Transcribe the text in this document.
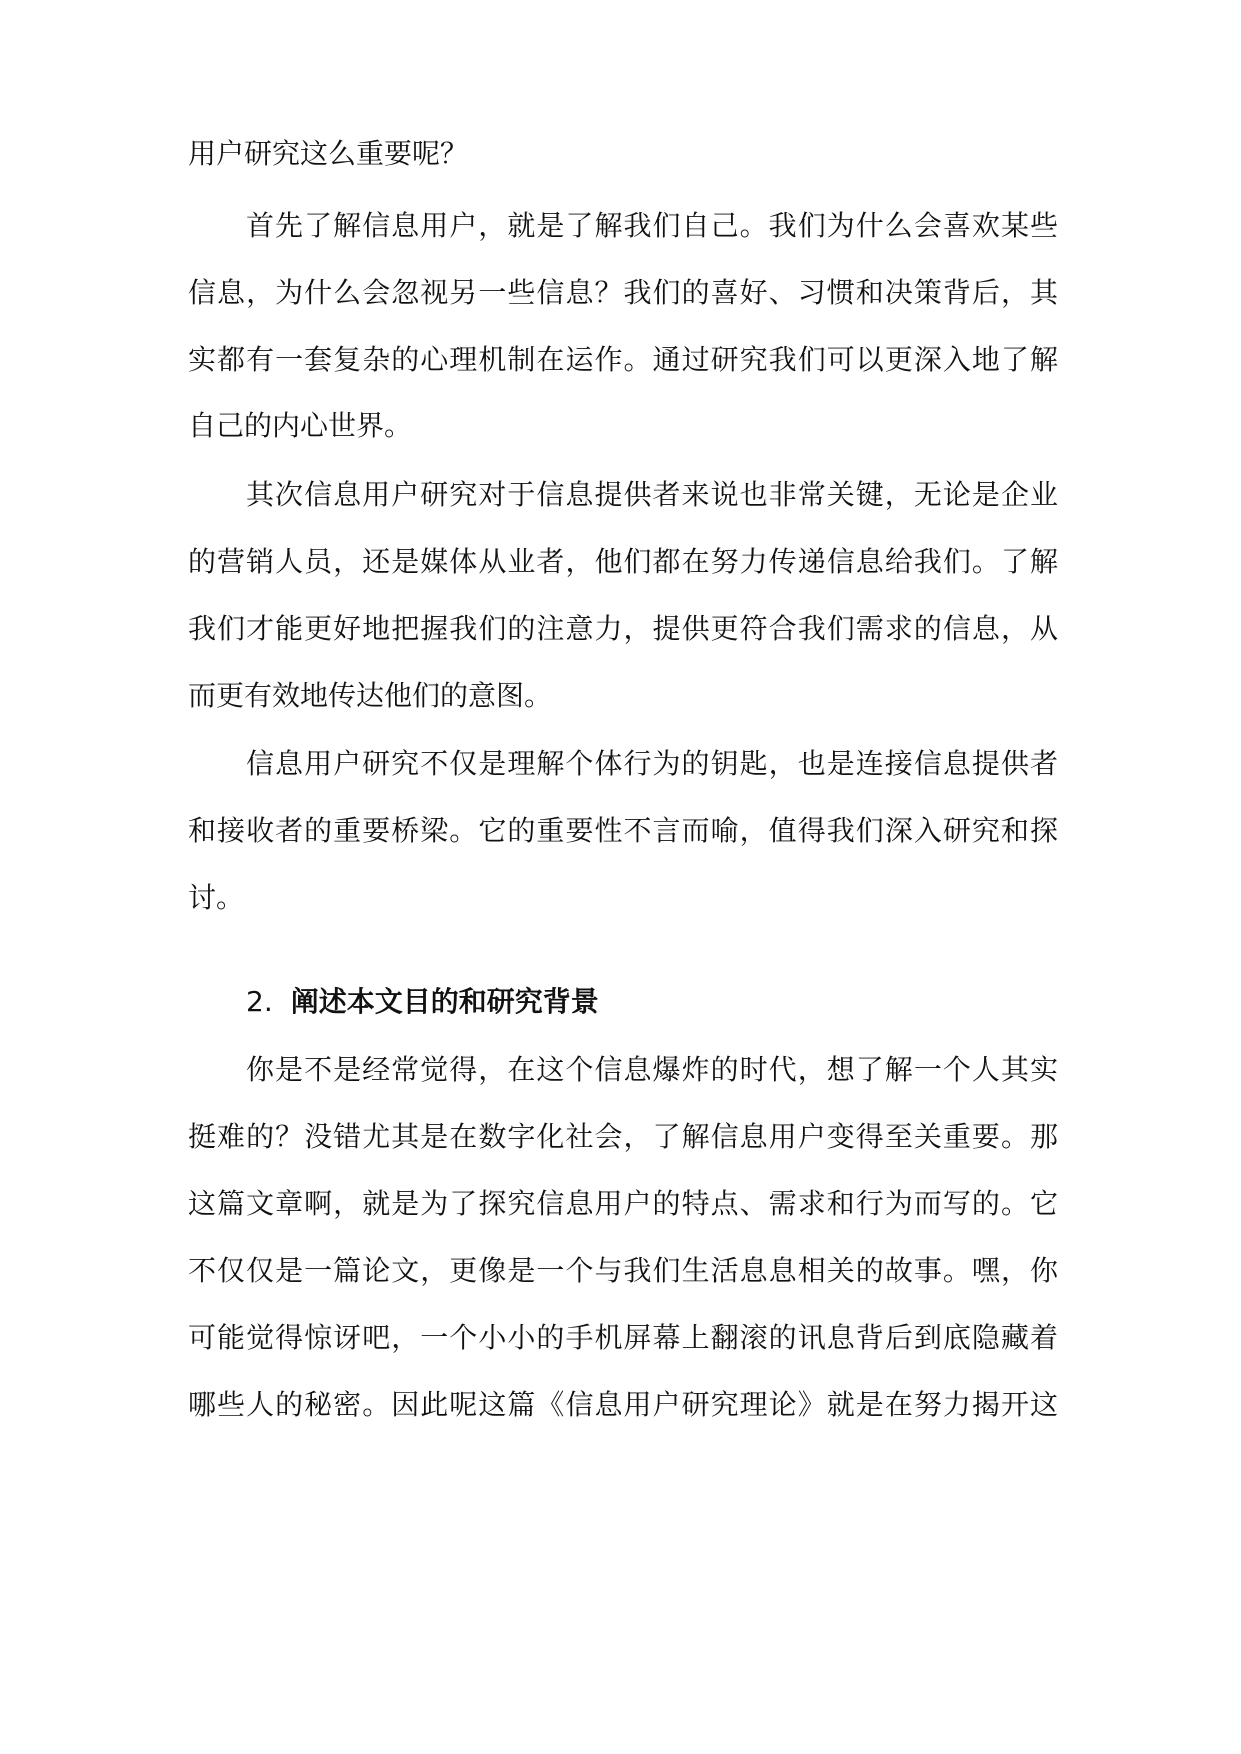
用户研究这么重要呢？
首先了解信息用户，就是了解我们自己。我们为什么会喜欢某些
信息，为什么会忽视另一些信息？我们的喜好、习惯和决策背后，其
实都有一套复杂的心理机制在运作。通过研究我们可以更深入地了解
自己的内心世界。
其次信息用户研究对于信息提供者来说也非常关键，无论是企业
的营销人员，还是媒体从业者，他们都在努力传递信息给我们。了解
我们才能更好地把握我们的注意力，提供更符合我们需求的信息，从
而更有效地传达他们的意图。
信息用户研究不仅是理解个体行为的钥匙，也是连接信息提供者
和接收者的重要桥梁。它的重要性不言而喻，值得我们深入研究和探
讨。
2. 阐述本文目的和研究背景
你是不是经常觉得，在这个信息爆炸的时代，想了解一个人其实
挺难的？没错尤其是在数字化社会，了解信息用户变得至关重要。那
这篇文章啊，就是为了探究信息用户的特点、需求和行为而写的。它
不仅仅是一篇论文，更像是一个与我们生活息息相关的故事。嘿，你
可能觉得惊讶吧，一个小小的手机屏幕上翻滚的讯息背后到底隐藏着
哪些人的秘密。因此呢这篇《信息用户研究理论》就是在努力揭开这
